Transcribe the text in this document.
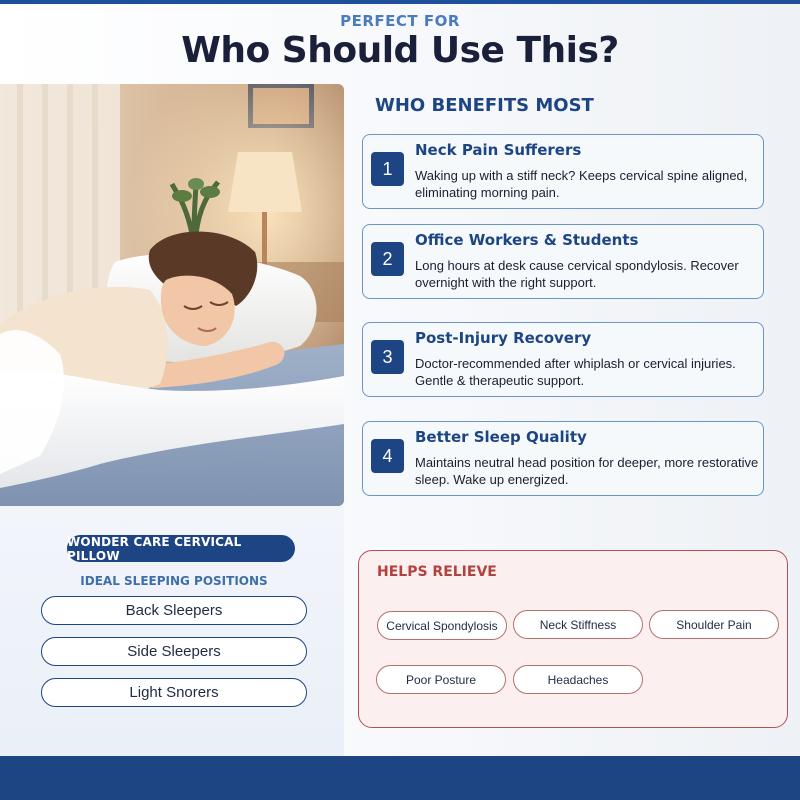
PERFECT FOR
Who Should Use This?
WONDER CARE CERVICAL PILLOW
IDEAL SLEEPING POSITIONS
Back Sleepers
Side Sleepers
Light Snorers
WHO BENEFITS MOST
1
Neck Pain Sufferers
Waking up with a stiff neck? Keeps cervical spine aligned, eliminating morning pain.
2
Office Workers & Students
Long hours at desk cause cervical spondylosis. Recover overnight with the right support.
3
Post-Injury Recovery
Doctor-recommended after whiplash or cervical injuries. Gentle & therapeutic support.
4
Better Sleep Quality
Maintains neutral head position for deeper, more restorative sleep. Wake up energized.
HELPS RELIEVE
Cervical Spondylosis	Neck Stiffness	Shoulder Pain
Poor Posture	Headaches
